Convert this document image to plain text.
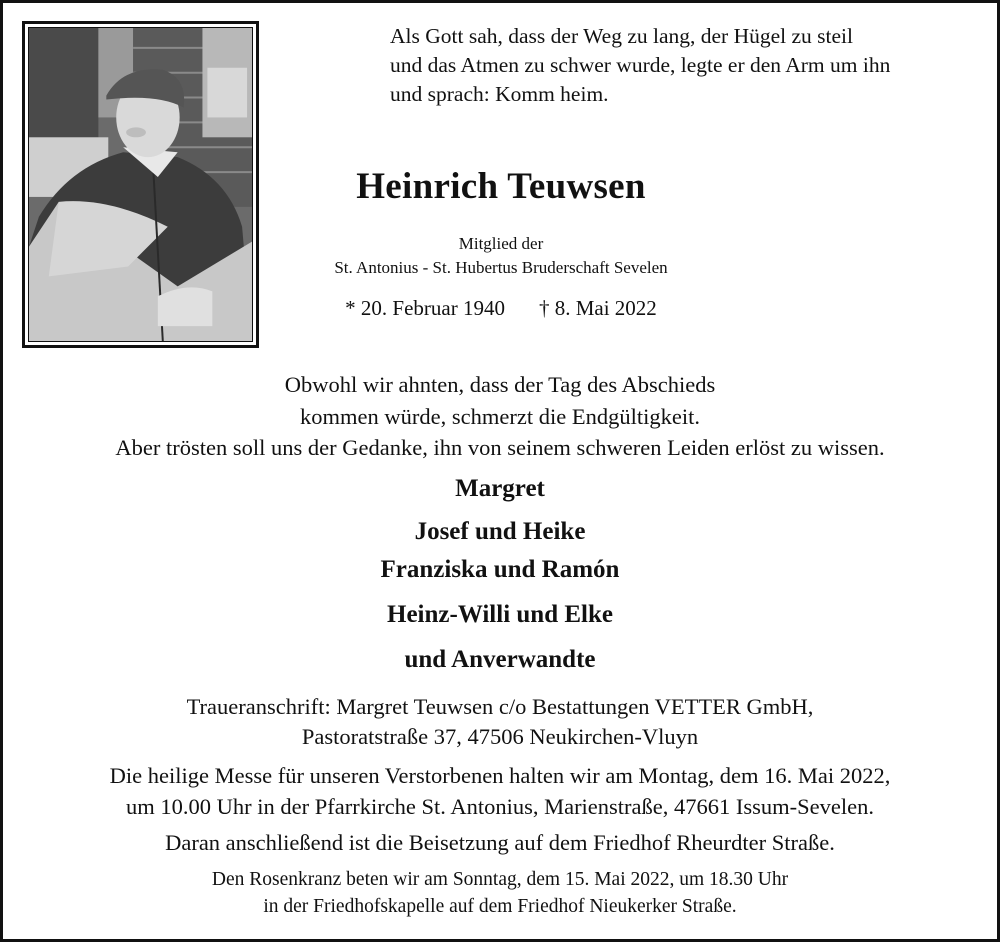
Als Gott sah, dass der Weg zu lang, der Hügel zu steil
und das Atmen zu schwer wurde, legte er den Arm um ihn
und sprach: Komm heim.
Heinrich Teuwsen
Mitglied der
St. Antonius - St. Hubertus Bruderschaft Sevelen
* 20. Februar 1940 † 8. Mai 2022
Obwohl wir ahnten, dass der Tag des Abschieds
kommen würde, schmerzt die Endgültigkeit.
Aber trösten soll uns der Gedanke, ihn von seinem schweren Leiden erlöst zu wissen.
Margret
Josef und Heike
Franziska und Ramón
Heinz-Willi und Elke
und Anverwandte
Traueranschrift: Margret Teuwsen c/o Bestattungen VETTER GmbH,
Pastoratstraße 37, 47506 Neukirchen-Vluyn
Die heilige Messe für unseren Verstorbenen halten wir am Montag, dem 16. Mai 2022,
um 10.00 Uhr in der Pfarrkirche St. Antonius, Marienstraße, 47661 Issum-Sevelen.
Daran anschließend ist die Beisetzung auf dem Friedhof Rheurdter Straße.
Den Rosenkranz beten wir am Sonntag, dem 15. Mai 2022, um 18.30 Uhr
in der Friedhofskapelle auf dem Friedhof Nieukerker Straße.
